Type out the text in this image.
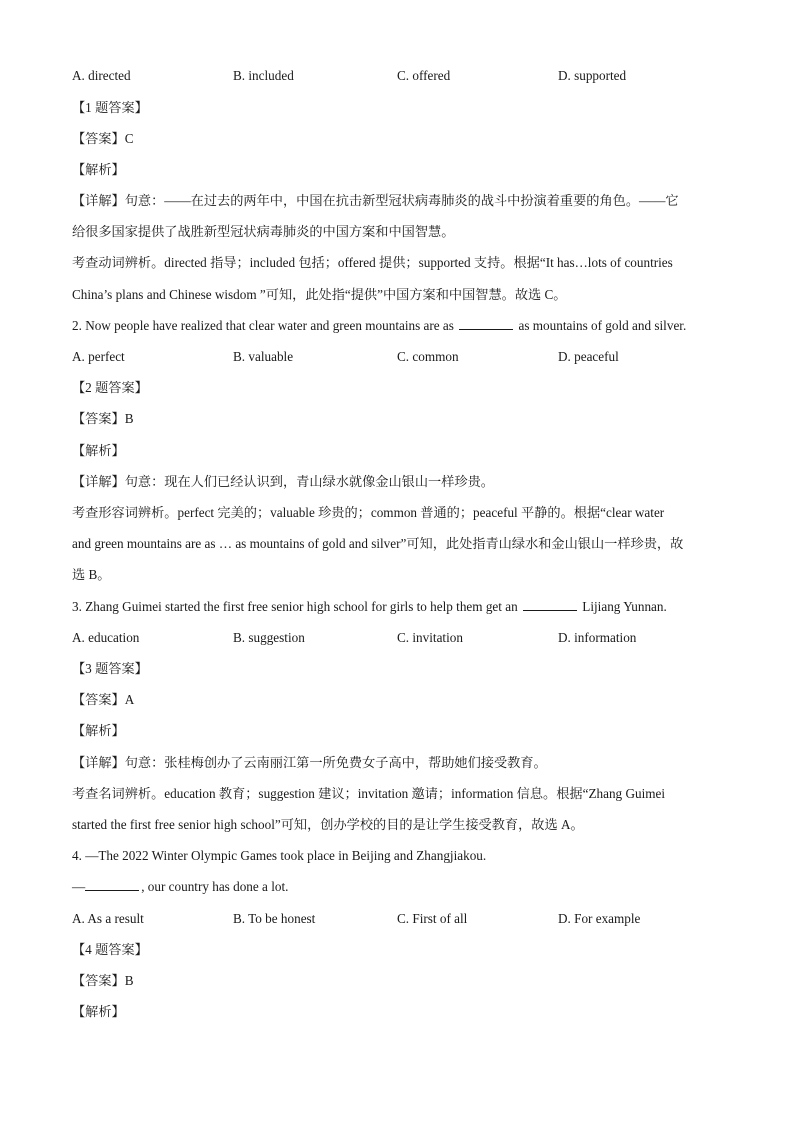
A. directed	B. included	C. offered	D. supported
【1 题答案】
【答案】C
【解析】
【详解】句意：——在过去的两年中，中国在抗击新型冠状病毒肺炎的战斗中扮演着重要的角色。——它
给很多国家提供了战胜新型冠状病毒肺炎的中国方案和中国智慧。
考查动词辨析。directed 指导；included 包括；offered 提供；supported 支持。根据“It has…lots of countries
China’s plans and Chinese wisdom ”可知，此处指“提供”中国方案和中国智慧。故选 C。
2. Now people have realized that clear water and green mountains are as	as mountains of gold and silver.
A. perfect	B. valuable	C. common	D. peaceful
【2 题答案】
【答案】B
【解析】
【详解】句意：现在人们已经认识到，青山绿水就像金山银山一样珍贵。
考查形容词辨析。perfect 完美的；valuable 珍贵的；common 普通的；peaceful 平静的。根据“clear water
and green mountains are as … as mountains of gold and silver”可知，此处指青山绿水和金山银山一样珍贵，故
选 B。
3. Zhang Guimei started the first free senior high school for girls to help them get an	Lijiang Yunnan.
A. education	B. suggestion	C. invitation	D. information
【3 题答案】
【答案】A
【解析】
【详解】句意：张桂梅创办了云南丽江第一所免费女子高中，帮助她们接受教育。
考查名词辨析。education 教育；suggestion 建议；invitation 邀请；information 信息。根据“Zhang Guimei
started the first free senior high school”可知，创办学校的目的是让学生接受教育，故选 A。
4. —The 2022 Winter Olympic Games took place in Beijing and Zhangjiakou.
—	, our country has done a lot.
A. As a result	B. To be honest	C. First of all	D. For example
【4 题答案】
【答案】B
【解析】
